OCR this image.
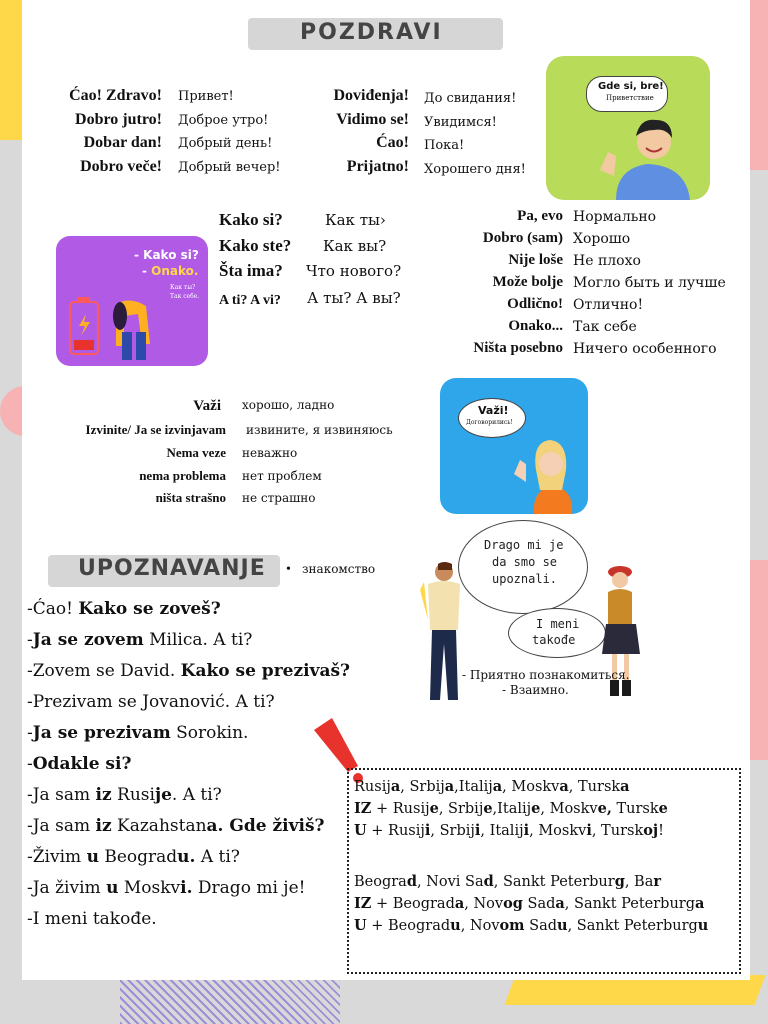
POZDRAVI
Ćao! Zdravo! Привет!
Dobro jutro! Доброе утро!
Dobar dan! Добрый день!
Dobro veče! Добрый вечер!
Doviđenja! До свидания!
Vidimo se! Увидимся!
Ćao! Пока!
Prijatno! Хорошего дня!
Gde si, bre!
Приветствие
- Kako si?
- Onako.
Как ты?
Так себе.
Kako si?	Как ты›
Kako ste? Как вы?
Šta ima? Что нового?
A ti? A vi? А ты? А вы?
Pa, evo Нормально
Dobro (sam) Хорошо
Nije loše Не плохо
Može bolje Могло быть и лучше
Odlično! Отлично!
Onako... Так себе
Ništa posebno Ничего особенного
Važi хорошо, ладно
Izvinite/ Ja se izvinjavam извините, я извиняюсь
Nema veze неважно
nema problema нет проблем
ništa strašno не страшно
Važi!
Договорились!
UPOZNAVANJE • знакомство
-Ćao! Kako se zoveš?
-Ja se zovem Milica. A ti?
-Zovem se David. Kako se prezivaš?
-Prezivam se Jovanović. A ti?
-Ja se prezivam Sorokin.
-Odakle si?
-Ja sam iz Rusije. A ti?
-Ja sam iz Kazahstana. Gde živiš?
-Živim u Beogradu. A ti?
-Ja živim u Moskvi. Drago mi je!
-I meni takođe.
Drago mi je
da smo se
upoznali.
I meni
takođe
- Приятно познакомиться.
- Взаимно.
Rusija, Srbija,Italija, Moskva, Turska
IZ + Rusije, Srbije,Italije, Moskve, Turske
U + Rusiji, Srbiji, Italiji, Moskvi, Turskoj!
Beograd, Novi Sad, Sankt Peterburg, Bar
IZ + Beograda, Novog Sada, Sankt Peterburga
U + Beogradu, Novom Sadu, Sankt Peterburgu
